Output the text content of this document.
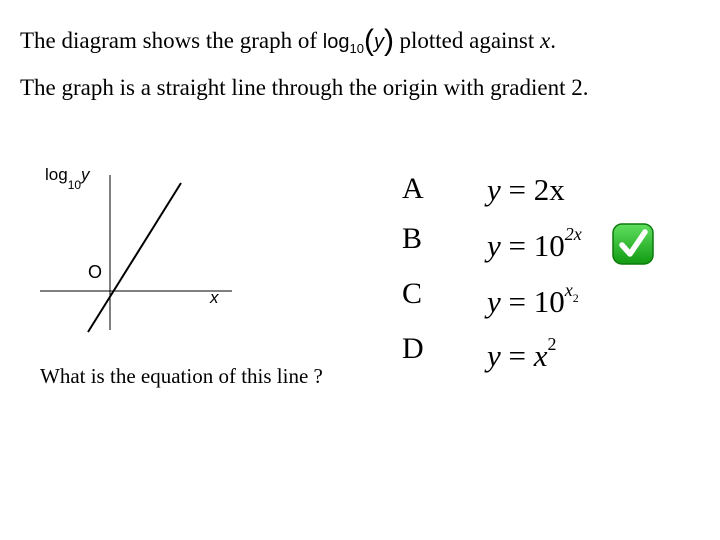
The diagram shows the graph of $\log_{10}(y)$ plotted against x.
The graph is a straight line through the origin with gradient 2.
$\log_{10}y$
O
x
What is the equation of this line ?
A y = 2x
B $y = 10^{2x}$
C $y = 10^{x2}$
D $y = x^2$
